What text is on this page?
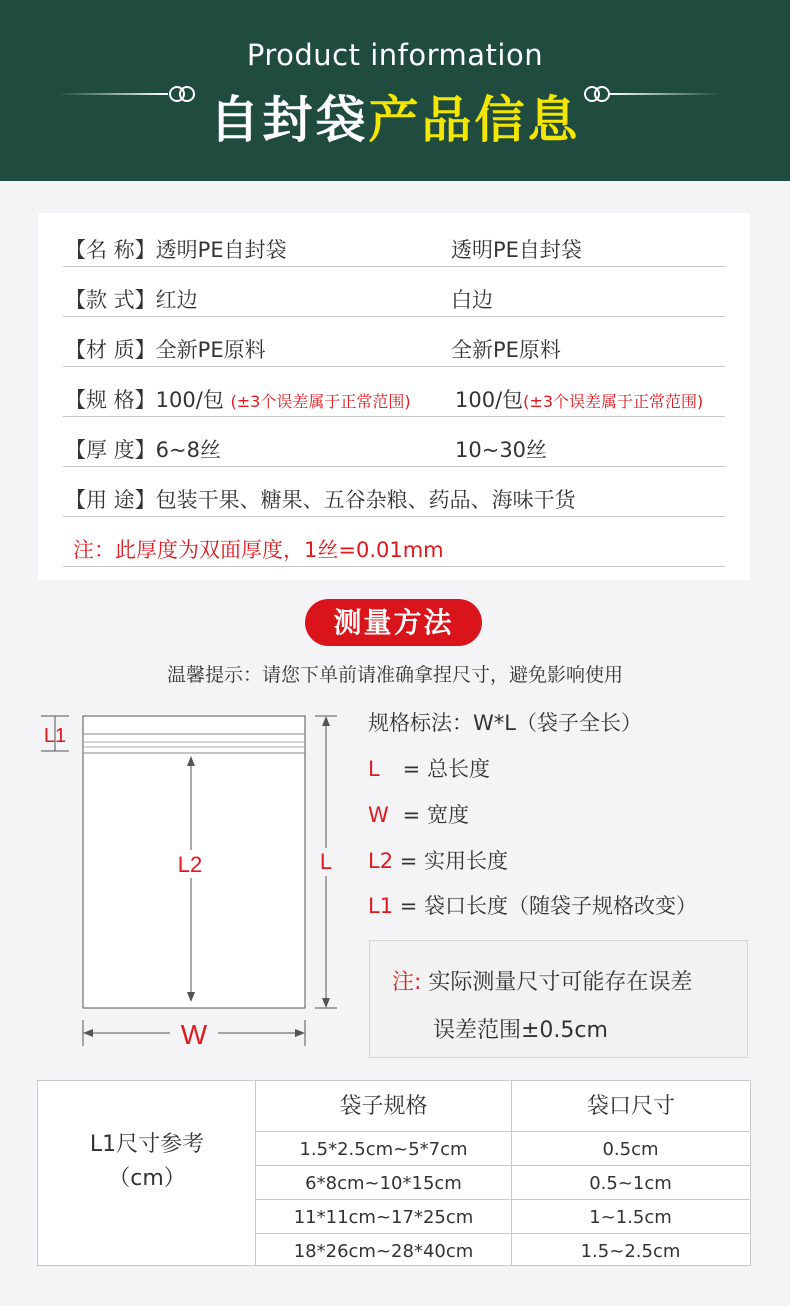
Product information
自封袋产品信息
【名 称】透明PE自封袋	透明PE自封袋
【款 式】红边	白边
【材 质】全新PE原料	全新PE原料
【规 格】100/包 (±3个误差属于正常范围) 100/包(±3个误差属于正常范围)
【厚 度】6~8丝	10~30丝
【用 途】包装干果、糖果、五谷杂粮、药品、海味干货
注：此厚度为双面厚度，1丝=0.01mm
测量方法
温馨提示：请您下单前请准确拿捏尺寸，避免影响使用
L1
L2	L
W
规格标法：W*L（袋子全长）
L = 总长度
W = 宽度
L2 = 实用长度
L1 = 袋口长度（随袋子规格改变）
注: 实际测量尺寸可能存在误差
误差范围±0.5cm
L1尺寸参考
（cm）
袋子规格	袋口尺寸
1.5*2.5cm~5*7cm	0.5cm
6*8cm~10*15cm	0.5~1cm
11*11cm~17*25cm	1~1.5cm
18*26cm~28*40cm	1.5~2.5cm
